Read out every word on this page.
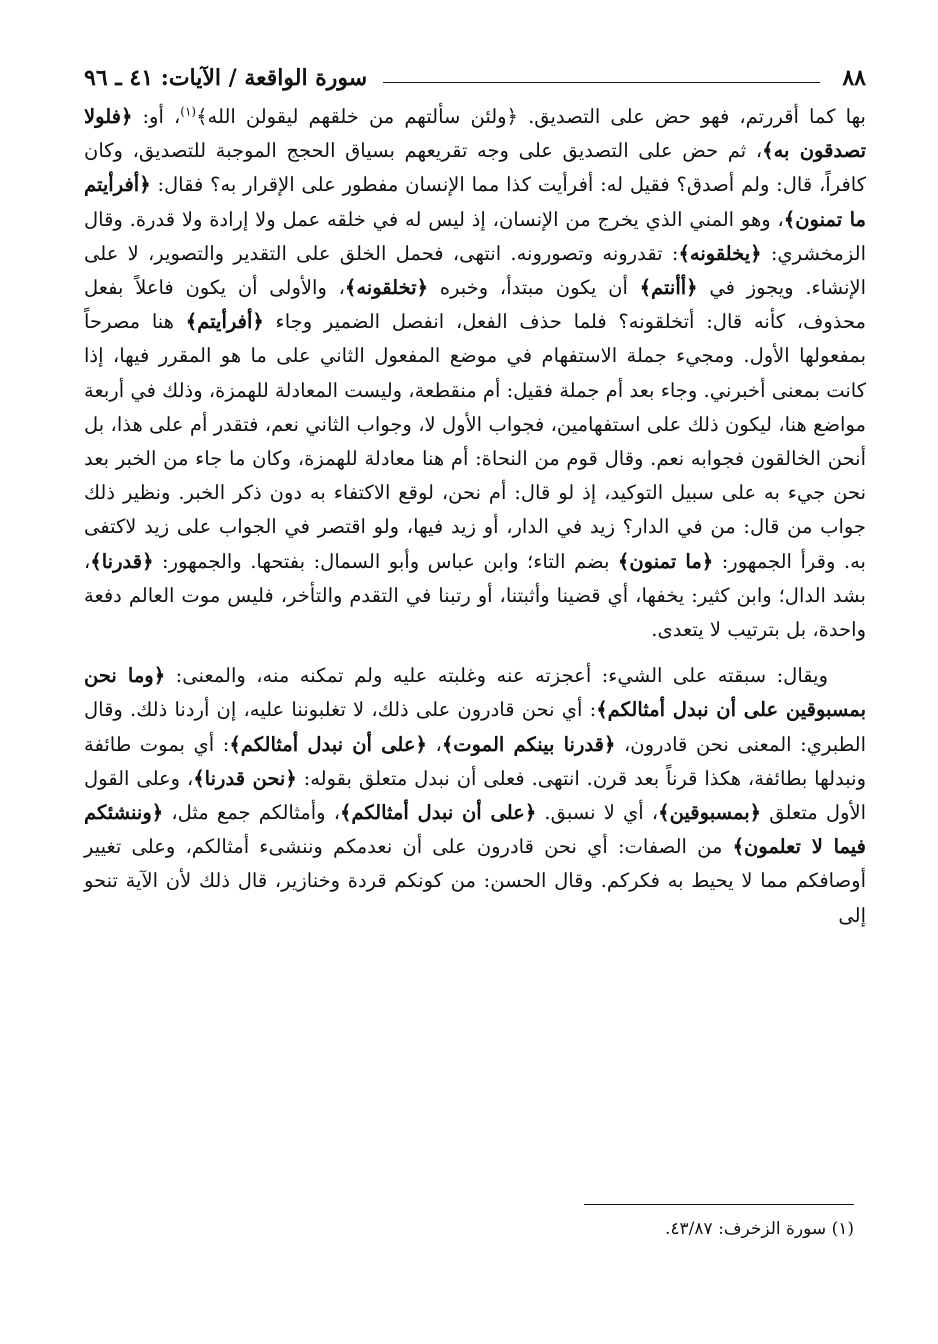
٨٨
سورة الواقعة / الآيات: ٤١ ـ ٩٦

بها كما أقررتم، فهو حض على التصديق. ﴿ولئن سألتهم من خلقهم ليقولن الله﴾$^{(١)}$، أو: ﴿فلولا تصدقون به﴾، ثم حض على التصديق على وجه تقريعهم بسياق الحجج الموجبة للتصديق، وكان كافراً، قال: ولم أصدق؟ فقيل له: أفرأيت كذا مما الإنسان مفطور على الإقرار به؟ فقال: ﴿أفرأيتم ما تمنون﴾، وهو المني الذي يخرج من الإنسان، إذ ليس له في خلقه عمل ولا إرادة ولا قدرة. وقال الزمخشري: ﴿يخلقونه﴾: تقدرونه وتصورونه. انتهى، فحمل الخلق على التقدير والتصوير، لا على الإنشاء. ويجوز في ﴿أأنتم﴾ أن يكون مبتدأ، وخبره ﴿تخلقونه﴾، والأولى أن يكون فاعلاً بفعل محذوف، كأنه قال: أتخلقونه؟ فلما حذف الفعل، انفصل الضمير وجاء ﴿أفرأيتم﴾ هنا مصرحاً بمفعولها الأول. ومجيء جملة الاستفهام في موضع المفعول الثاني على ما هو المقرر فيها، إذا كانت بمعنى أخبرني. وجاء بعد أم جملة فقيل: أم منقطعة، وليست المعادلة للهمزة، وذلك في أربعة مواضع هنا، ليكون ذلك على استفهامين، فجواب الأول لا، وجواب الثاني نعم، فتقدر أم على هذا، بل أنحن الخالقون فجوابه نعم. وقال قوم من النحاة: أم هنا معادلة للهمزة، وكان ما جاء من الخبر بعد نحن جيء به على سبيل التوكيد، إذ لو قال: أم نحن، لوقع الاكتفاء به دون ذكر الخبر. ونظير ذلك جواب من قال: من في الدار؟ زيد في الدار، أو زيد فيها، ولو اقتصر في الجواب على زيد لاكتفى به. وقرأ الجمهور: ﴿ما تمنون﴾ بضم التاء؛ وابن عباس وأبو السمال: بفتحها. والجمهور: ﴿قدرنا﴾، بشد الدال؛ وابن كثير: يخفها، أي قضينا وأثبتنا، أو رتبنا في التقدم والتأخر، فليس موت العالم دفعة واحدة، بل بترتيب لا يتعدى.

ويقال: سبقته على الشيء: أعجزته عنه وغلبته عليه ولم تمكنه منه، والمعنى: ﴿وما نحن بمسبوقين على أن نبدل أمثالكم﴾: أي نحن قادرون على ذلك، لا تغلبوننا عليه، إن أردنا ذلك. وقال الطبري: المعنى نحن قادرون، ﴿قدرنا بينكم الموت﴾، ﴿على أن نبدل أمثالكم﴾: أي بموت طائفة ونبدلها بطائفة، هكذا قرناً بعد قرن. انتهى. فعلى أن نبدل متعلق بقوله: ﴿نحن قدرنا﴾، وعلى القول الأول متعلق ﴿بمسبوقين﴾، أي لا نسبق. ﴿على أن نبدل أمثالكم﴾، وأمثالكم جمع مثل، ﴿وننشئكم فيما لا تعلمون﴾ من الصفات: أي نحن قادرون على أن نعدمكم وننشىء أمثالكم، وعلى تغيير أوصافكم مما لا يحيط به فكركم. وقال الحسن: من كونكم قردة وخنازير، قال ذلك لأن الآية تنحو إلى

(١) سورة الزخرف: ٤٣/٨٧.
